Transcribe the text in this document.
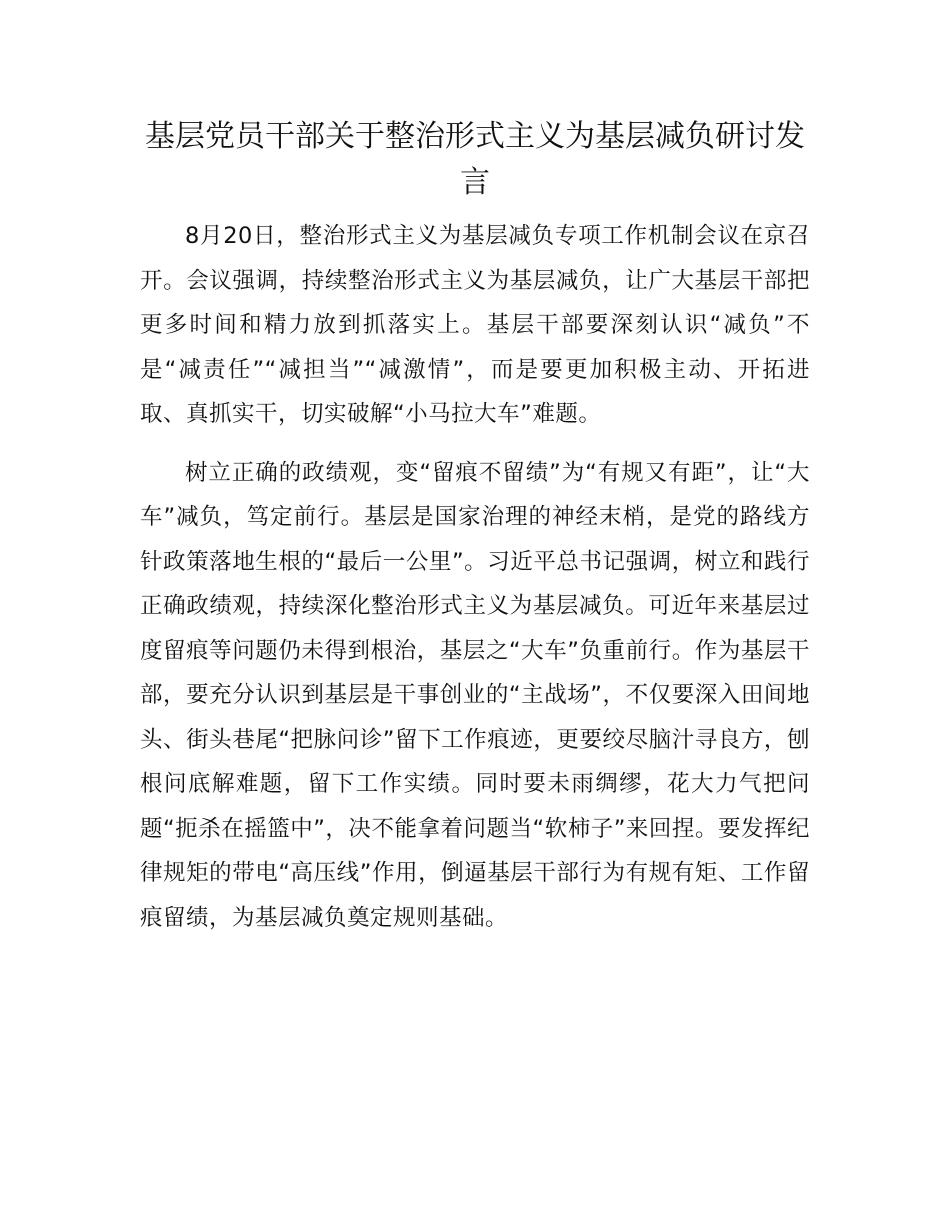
基层党员干部关于整治形式主义为基层减负研讨发言

8月20日，整治形式主义为基层减负专项工作机制会议在京召开。会议强调，持续整治形式主义为基层减负，让广大基层干部把更多时间和精力放到抓落实上。基层干部要深刻认识“减负”不是“减责任”“减担当”“减激情”，而是要更加积极主动、开拓进取、真抓实干，切实破解“小马拉大车”难题。

树立正确的政绩观，变“留痕不留绩”为“有规又有距”，让“大车”减负，笃定前行。基层是国家治理的神经末梢，是党的路线方针政策落地生根的“最后一公里”。习近平总书记强调，树立和践行正确政绩观，持续深化整治形式主义为基层减负。可近年来基层过度留痕等问题仍未得到根治，基层之“大车”负重前行。作为基层干部，要充分认识到基层是干事创业的“主战场”，不仅要深入田间地头、街头巷尾“把脉问诊”留下工作痕迹，更要绞尽脑汁寻良方，刨根问底解难题，留下工作实绩。同时要未雨绸缪，花大力气把问题“扼杀在摇篮中”，决不能拿着问题当“软柿子”来回捏。要发挥纪律规矩的带电“高压线”作用，倒逼基层干部行为有规有矩、工作留痕留绩，为基层减负奠定规则基础。
